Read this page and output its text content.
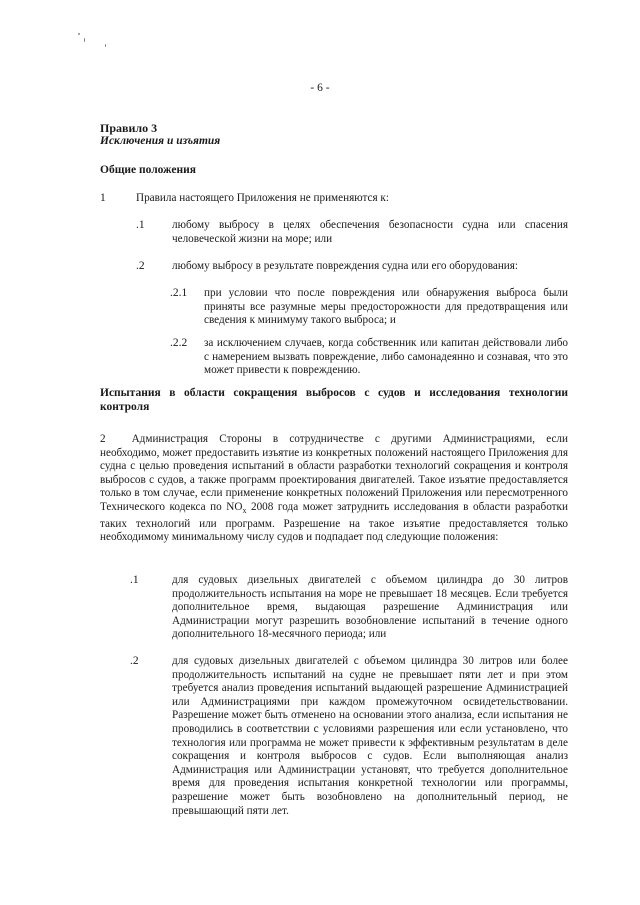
- 6 -
Правило 3
Исключения и изъятия
Общие положения
1	Правила настоящего Приложения не применяются к:
.1 любому выбросу в целях обеспечения безопасности судна или спасения человеческой жизни на море; или
.2 любому выбросу в результате повреждения судна или его оборудования:
.2.1 при условии что после повреждения или обнаружения выброса были приняты все разумные меры предосторожности для предотвращения или сведения к минимуму такого выброса; и
.2.2 за исключением случаев, когда собственник или капитан действовали либо с намерением вызвать повреждение, либо самонадеянно и сознавая, что это может привести к повреждению.
Испытания в области сокращения выбросов с судов и исследования технологии контроля
2 Администрация Стороны в сотрудничестве с другими Администрациями, если необходимо, может предоставить изъятие из конкретных положений настоящего Приложения для судна с целью проведения испытаний в области разработки технологий сокращения и контроля выбросов с судов, а также программ проектирования двигателей. Такое изъятие предоставляется только в том случае, если применение конкретных положений Приложения или пересмотренного Технического кодекса по $NO_x$ 2008 года может затруднить исследования в области разработки таких технологий или программ. Разрешение на такое изъятие предоставляется только необходимому минимальному числу судов и подпадает под следующие положения:
.1	для судовых дизельных двигателей с объемом цилиндра до 30 литров продолжительность испытания на море не превышает 18 месяцев. Если требуется дополнительное время, выдающая разрешение Администрация или Администрации могут разрешить возобновление испытаний в течение одного дополнительного 18-месячного периода; или
.2	для судовых дизельных двигателей с объемом цилиндра 30 литров или более продолжительность испытаний на судне не превышает пяти лет и при этом требуется анализ проведения испытаний выдающей разрешение Администрацией или Администрациями при каждом промежуточном освидетельствовании. Разрешение может быть отменено на основании этого анализа, если испытания не проводились в соответствии с условиями разрешения или если установлено, что технология или программа не может привести к эффективным результатам в деле сокращения и контроля выбросов с судов. Если выполняющая анализ Администрация или Администрации установят, что требуется дополнительное время для проведения испытания конкретной технологии или программы, разрешение может быть возобновлено на дополнительный период, не превышающий пяти лет.
